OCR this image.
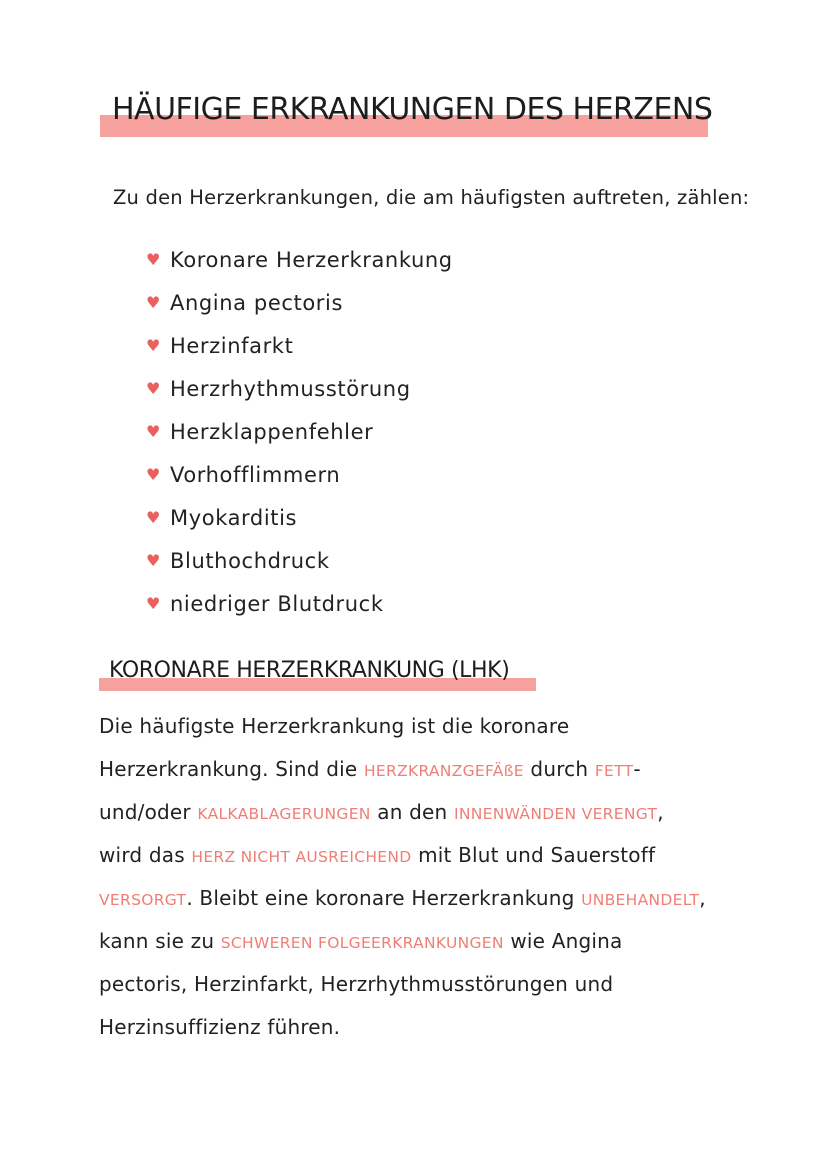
HÄUFIGE ERKRANKUNGEN DES HERZENS
Zu den Herzerkrankungen, die am häufigsten auftreten, zählen:
♥ Koronare Herzerkrankung
♥ Angina pectoris
♥ Herzinfarkt
♥ Herzrhythmusstörung
♥ Herzklappenfehler
♥ Vorhofflimmern
♥ Myokarditis
♥ Bluthochdruck
♥ niedriger Blutdruck
KORONARE HERZERKRANKUNG (LHK)
Die häufigste Herzerkrankung ist die koronare
Herzerkrankung. Sind die HERZKRANZGEFÄßE durch FETT-
und/oder KALKABLAGERUNGEN an den INNENWÄNDEN VERENGT,
wird das HERZ NICHT AUSREICHEND mit Blut und Sauerstoff
VERSORGT. Bleibt eine koronare Herzerkrankung UNBEHANDELT,
kann sie zu SCHWEREN FOLGEERKRANKUNGEN wie Angina
pectoris, Herzinfarkt, Herzrhythmusstörungen und
Herzinsuffizienz führen.
